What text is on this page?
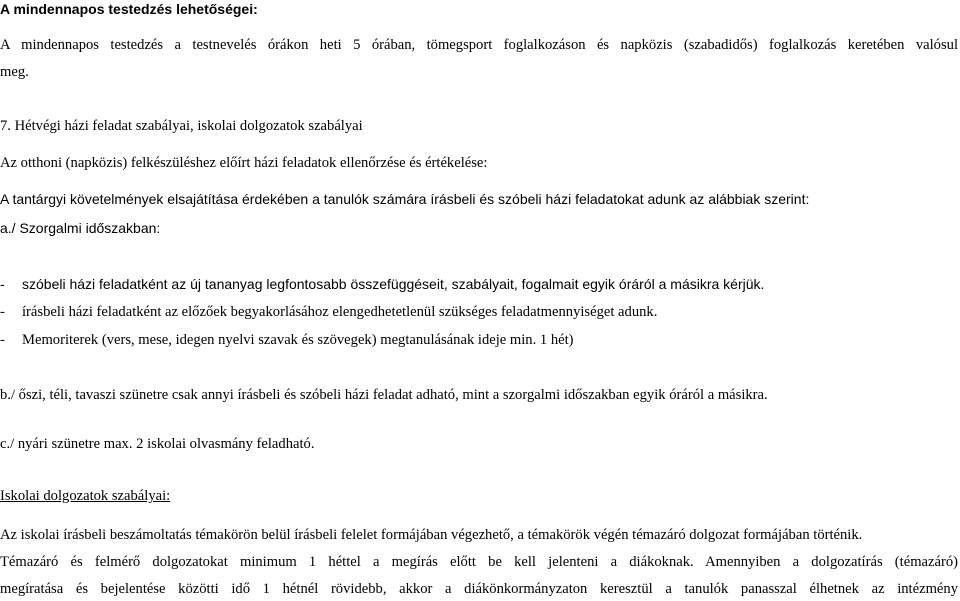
A mindennapos testedzés lehetőségei:
A mindennapos testedzés a testnevelés órákon heti 5 órában, tömegsport foglalkozáson és napközis (szabadidős) foglalkozás keretében valósul
meg.
7. Hétvégi házi feladat szabályai, iskolai dolgozatok szabályai
Az otthoni (napközis) felkészüléshez előírt házi feladatok ellenőrzése és értékelése:
A tantárgyi követelmények elsajátítása érdekében a tanulók számára írásbeli és szóbeli házi feladatokat adunk az alábbiak szerint:
a./ Szorgalmi időszakban:
- szóbeli házi feladatként az új tananyag legfontosabb összefüggéseit, szabályait, fogalmait egyik óráról a másikra kérjük.
- írásbeli házi feladatként az előzőek begyakorlásához elengedhetetlenül szükséges feladatmennyiséget adunk.
- Memoriterek (vers, mese, idegen nyelvi szavak és szövegek) megtanulásának ideje min. 1 hét)
b./ őszi, téli, tavaszi szünetre csak annyi írásbeli és szóbeli házi feladat adható, mint a szorgalmi időszakban egyik óráról a másikra.
c./ nyári szünetre max. 2 iskolai olvasmány feladható.
Iskolai dolgozatok szabályai:
Az iskolai írásbeli beszámoltatás témakörön belül írásbeli felelet formájában végezhető, a témakörök végén témazáró dolgozat formájában történik.
Témazáró és felmérő dolgozatokat minimum 1 héttel a megírás előtt be kell jelenteni a diákoknak. Amennyiben a dolgozatírás (témazáró)
megíratása és bejelentése közötti idő 1 hétnél rövidebb, akkor a diákönkormányzaton keresztül a tanulók panasszal élhetnek az intézmény
